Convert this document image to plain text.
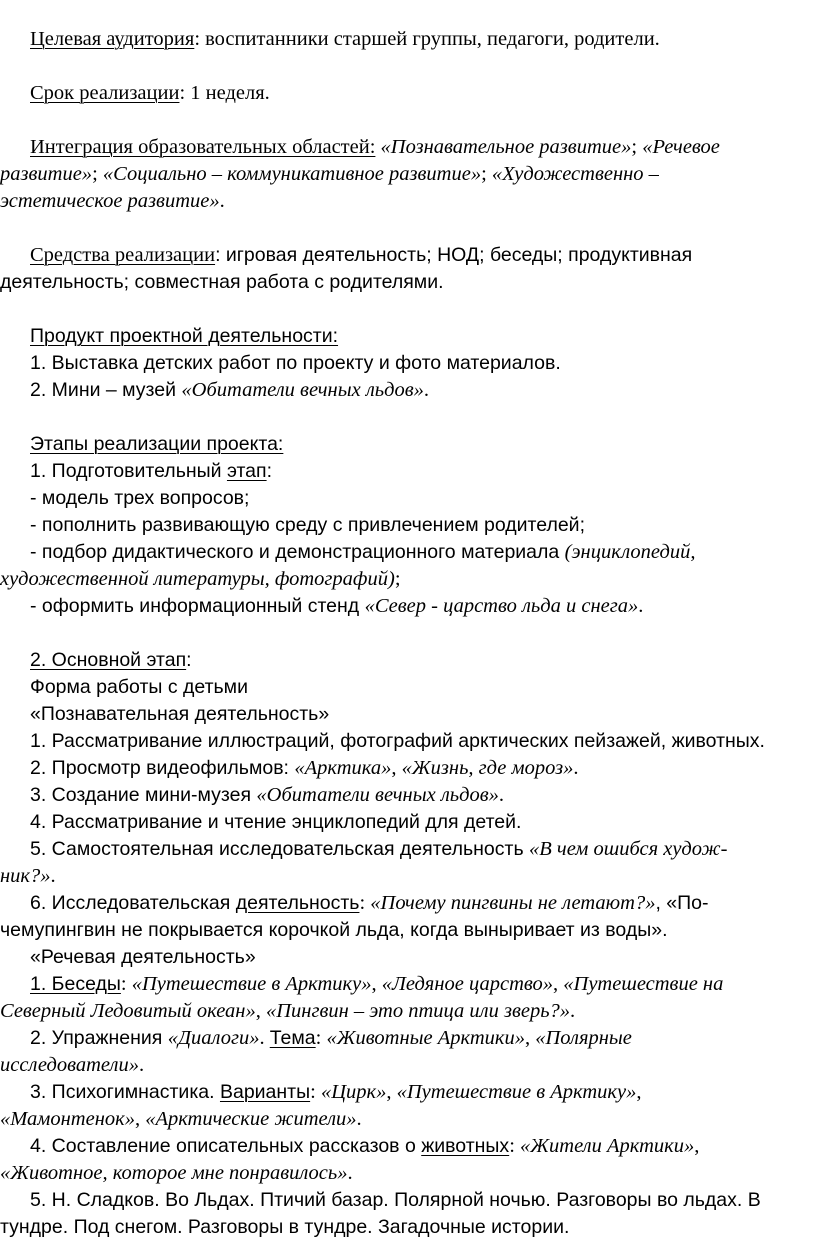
Целевая аудитория: воспитанники старшей группы, педагоги, родители.

Срок реализации: 1 неделя.

Интеграция образовательных областей: «Познавательное развитие»; «Речевое

развитие»; «Социально – коммуникативное развитие»; «Художественно –

эстетическое развитие».

Средства реализации: игровая деятельность; НОД; беседы; продуктивная

деятельность; совместная работа с родителями.

Продукт проектной деятельности:

1. Выставка детских работ по проекту и фото материалов.

2. Мини – музей «Обитатели вечных льдов».

Этапы реализации проекта:

1. Подготовительный этап:

- модель трех вопросов;

- пополнить развивающую среду с привлечением родителей;

- подбор дидактического и демонстрационного материала (энциклопедий,

художественной литературы, фотографий);

- оформить информационный стенд «Север - царство льда и снега».

2. Основной этап:

Форма работы с детьми

«Познавательная деятельность»

1. Рассматривание иллюстраций, фотографий арктических пейзажей, животных.

2. Просмотр видеофильмов: «Арктика», «Жизнь, где мороз».

3. Создание мини-музея «Обитатели вечных льдов».

4. Рассматривание и чтение энциклопедий для детей.

5. Самостоятельная исследовательская деятельность «В чем ошибся худож-

ник?».

6. Исследовательская деятельность: «Почему пингвины не летают?», «По-

чемупингвин не покрывается корочкой льда, когда выныривает из воды».

«Речевая деятельность»

1. Беседы: «Путешествие в Арктику», «Ледяное царство», «Путешествие на

Северный Ледовитый океан», «Пингвин – это птица или зверь?».

2. Упражнения «Диалоги». Тема: «Животные Арктики», «Полярные

исследователи».

3. Психогимнастика. Варианты: «Цирк», «Путешествие в Арктику»,

«Мамонтенок», «Арктические жители».

4. Составление описательных рассказов о животных: «Жители Арктики»,

«Животное, которое мне понравилось».

5. Н. Сладков. Во Льдах. Птичий базар. Полярной ночью. Разговоры во льдах. В

тундре. Под снегом. Разговоры в тундре. Загадочные истории.
